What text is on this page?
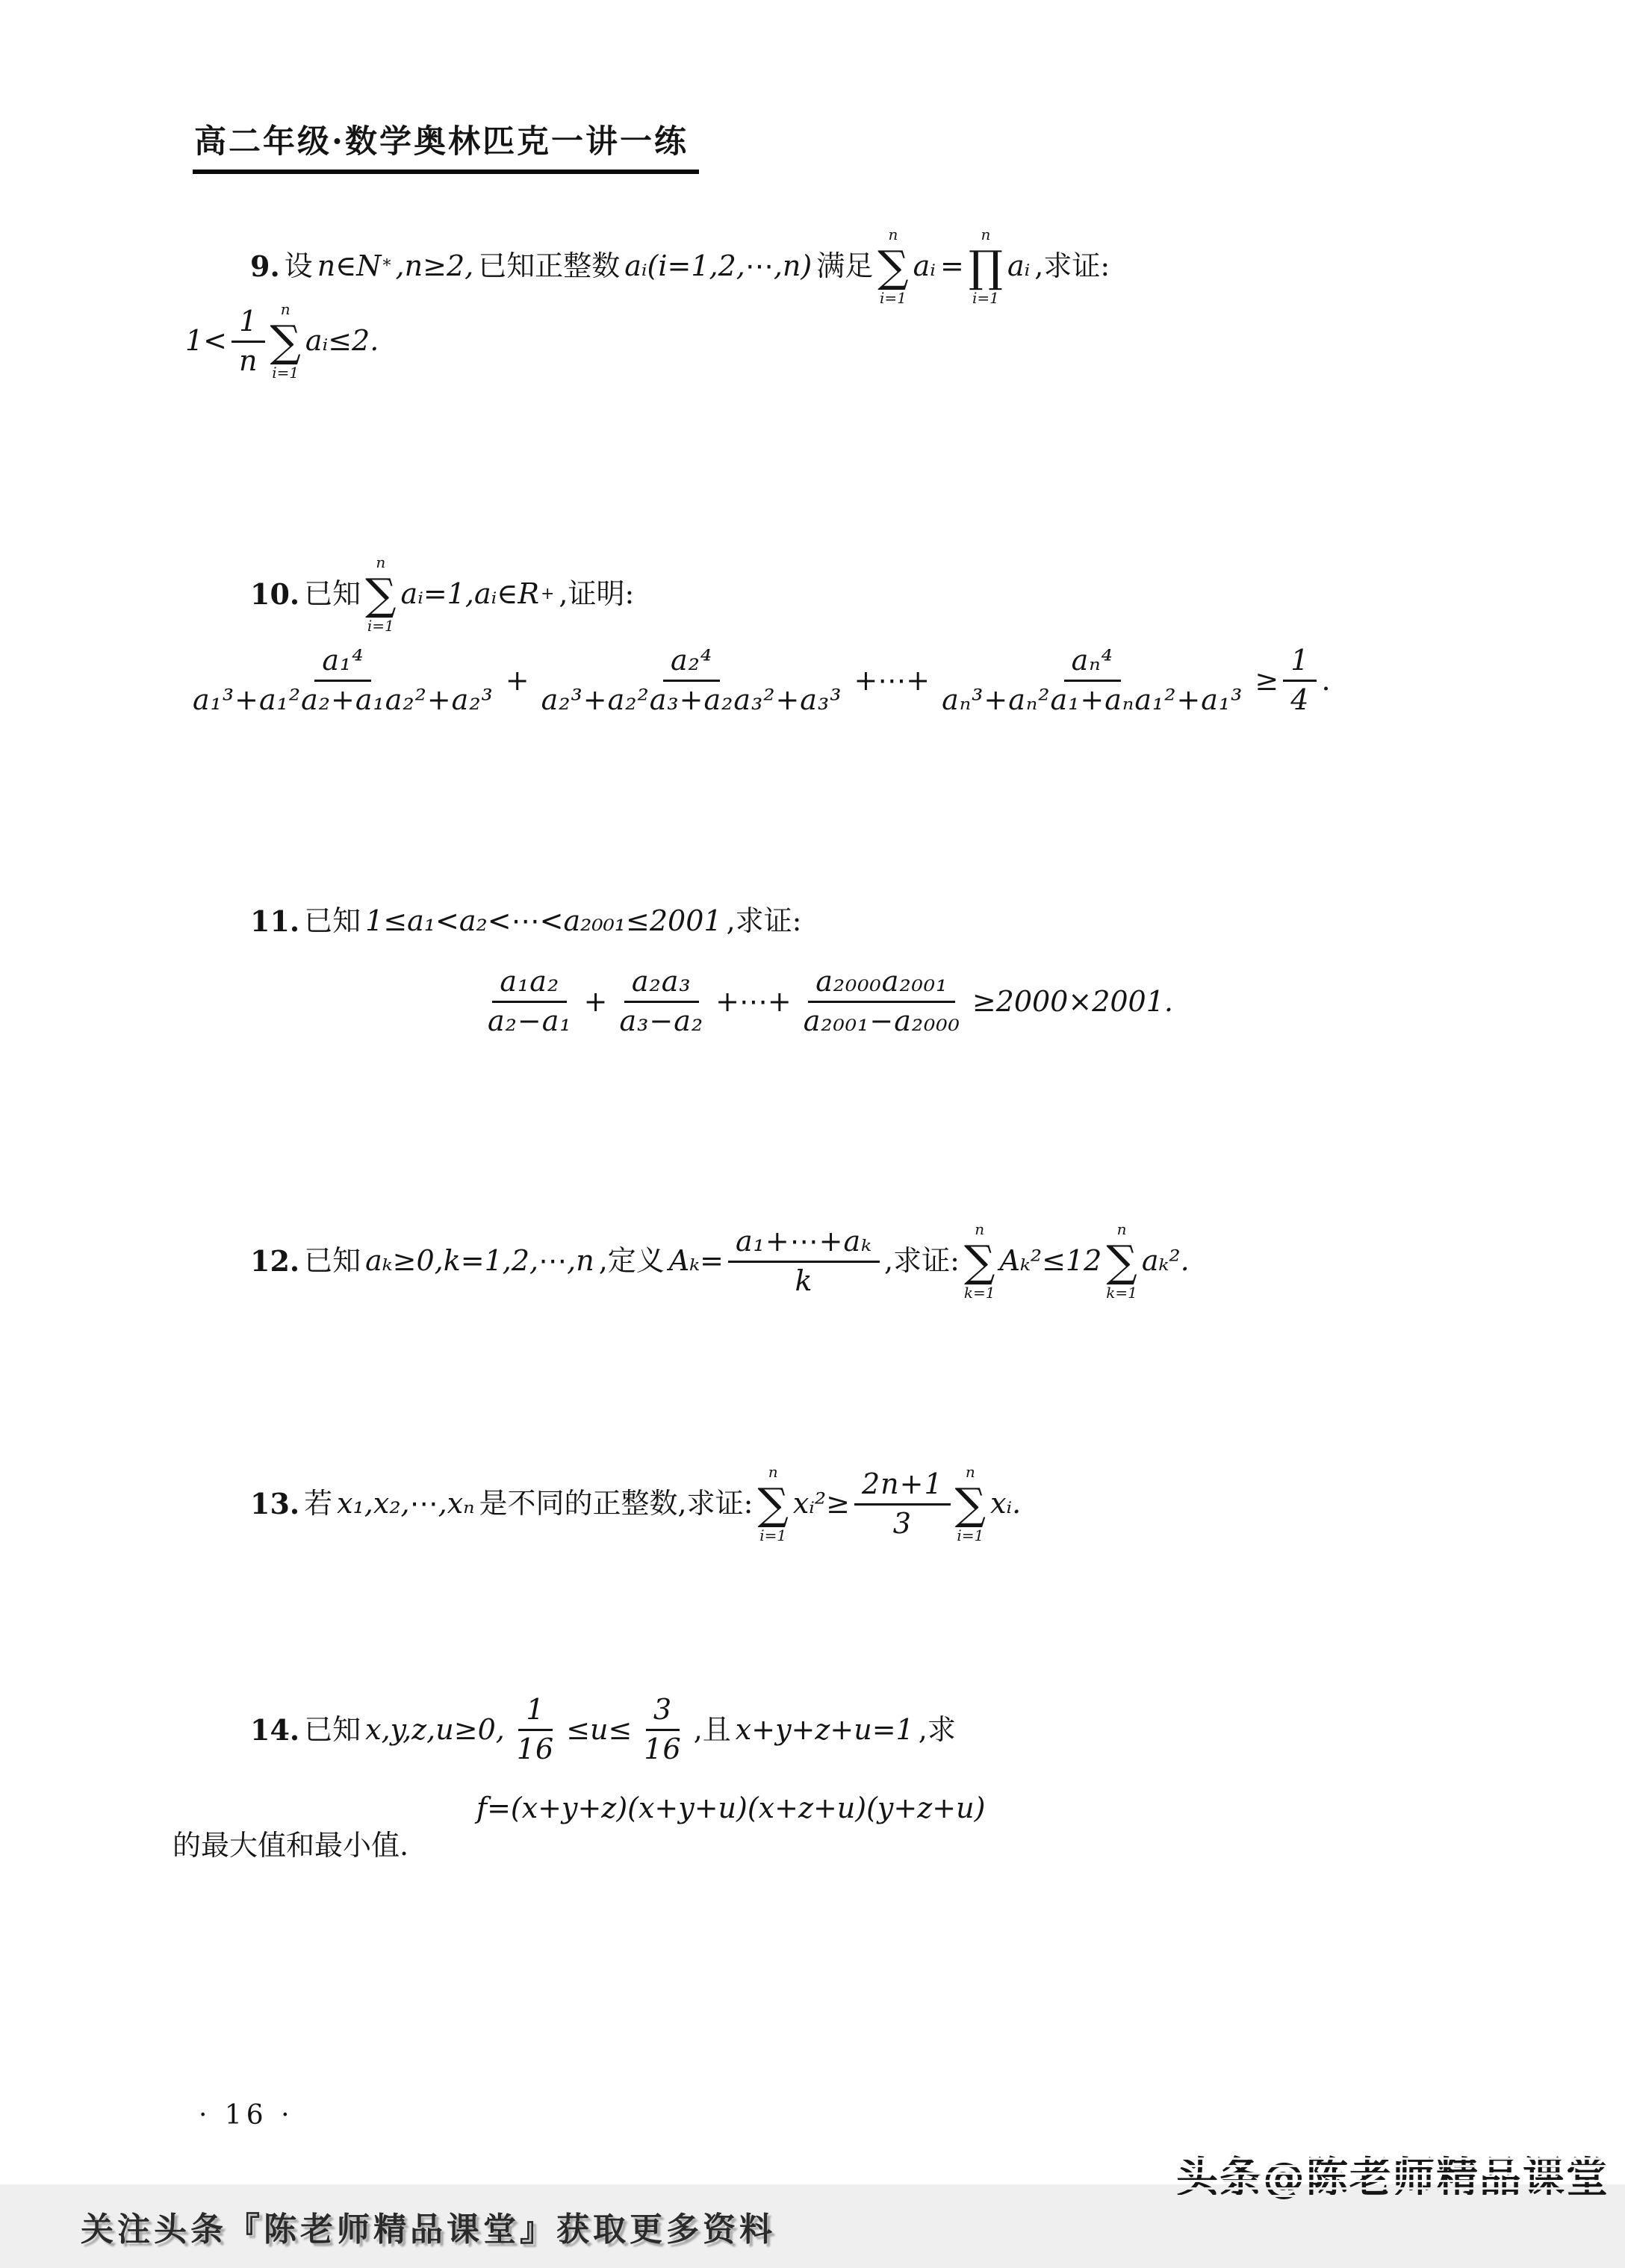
高二年级·数学奥林匹克一讲一练
9. 设 n∈N * ,n≥2, 已知正整数 aᵢ(i=1,2,⋯,n) 满足
n
∑
i=1
aᵢ =
n
∏
i=1
aᵢ ,求证:
$1< \frac{1}{n}$ n
∑
i=1
aᵢ≤2.
10. 已知
n
∑
i=1
aᵢ=1,aᵢ∈R + ,证明:
$\frac{\text{a₁⁴}}{\text{a₁³+a₁²a₂+a₁a₂²+a₂³}} + \frac{\text{a₂⁴}}{\text{a₂³+a₂²a₃+a₂a₃²+a₃³}}$ +⋯+ $\frac{\text{aₙ⁴}}{\text{aₙ³+aₙ²a₁+aₙa₁²+a₁³}} \ge \frac{1}{4}$ .
11. 已知 1≤a₁<a₂<⋯<a₂₀₀₁≤2001 ,求证:
$\frac{\text{a₁a₂}}{\text{a₂−a₁}} + \frac{\text{a₂a₃}}{\text{a₃−a₂}}$ +⋯+ $\frac{\text{a₂₀₀₀a₂₀₀₁}}{\text{a₂₀₀₁−a₂₀₀₀}} \ge 2000\times 2001$.
12. 已知 aₖ≥0,k=1,2,⋯,n ,定义 $A_k= \frac{\text{a₁+⋯+aₖ}}{k}$ ,求证:
n
∑
k=1
Aₖ²≤12
n
∑
k=1
aₖ².
13. 若 x₁,x₂,⋯,xₙ 是不同的正整数,求证:
n
∑
i=1
xᵢ²≥ $\frac{2n+1}{3}$ n
∑
i=1
xᵢ.
14. 已知 x,y,z,u≥0, $\frac{1}{16} \le u\le \frac{3}{16}$ ,且 x+y+z+u=1 ,求
f=(x+y+z)(x+y+u)(x+z+u)(y+z+u)
的最大值和最小值.
· 16 ·
头条@陈老师精品课堂
关注头条『陈老师精品课堂』获取更多资料
